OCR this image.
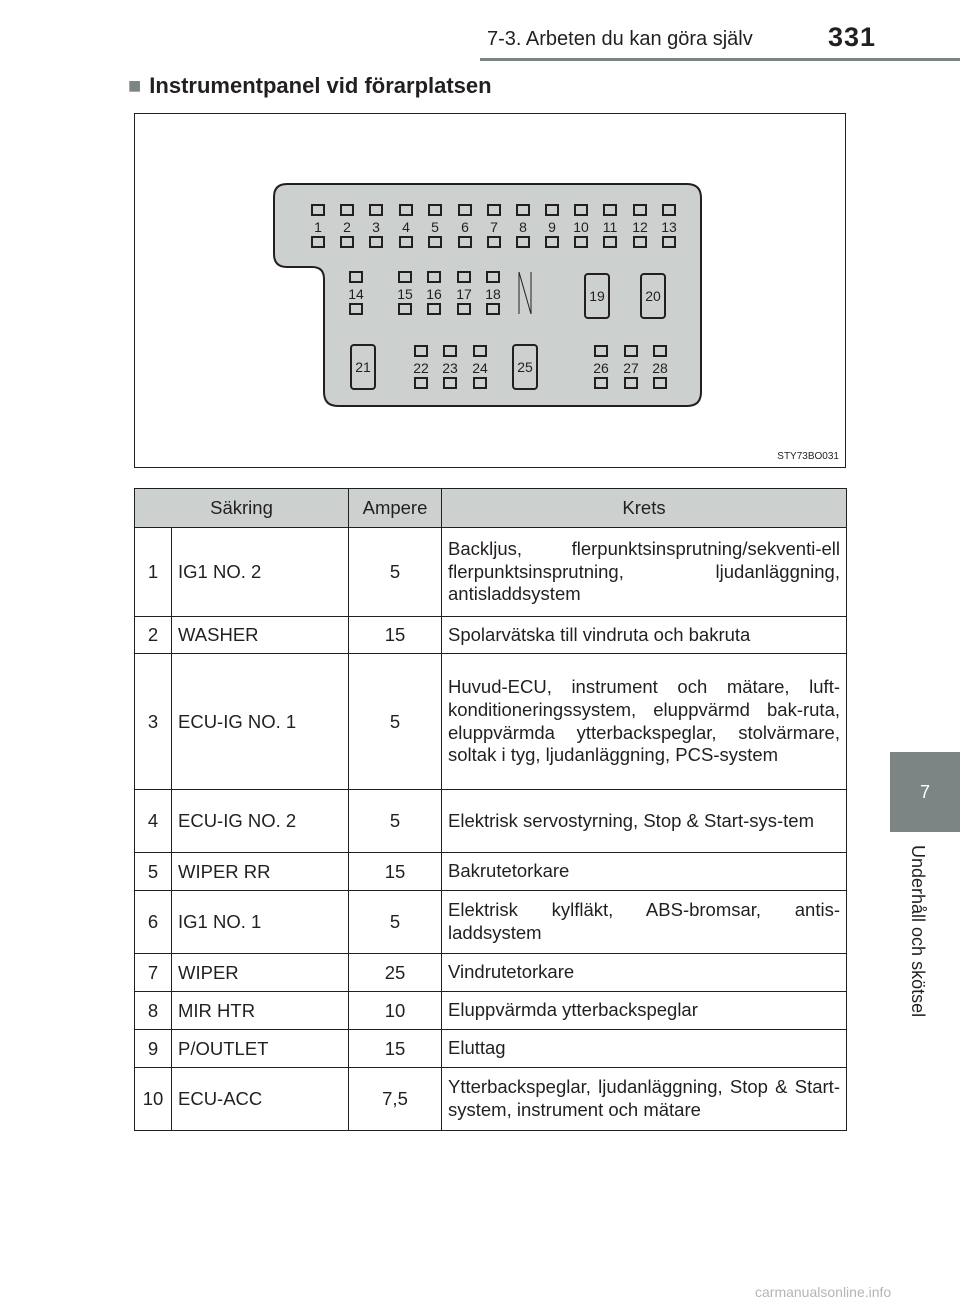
7-3. Arbeten du kan göra själv	331
■ Instrumentpanel vid förarplatsen
1 2 3 4 5 6 7 8 9 10 11 12 13
14 15 16 17 18	19	20
22 23 24	26 27 28
21	25
STY73BO031
Säkring		Ampere	Krets
1	IG1 NO. 2	5	Backljus, flerpunktsinsprutning/sekventi-ell flerpunktsinsprutning, ljudanläggning, antisladdsystem
2	WASHER	15	Spolarvätska till vindruta och bakruta
3	ECU-IG NO. 1	5	Huvud-ECU, instrument och mätare, luft-konditioneringssystem, eluppvärmd bak-ruta, eluppvärmda ytterbackspeglar, stolvärmare, soltak i tyg, ljudanläggning, PCS-system
4	ECU-IG NO. 2	5	Elektrisk servostyrning, Stop & Start-sys-tem
5	WIPER RR	15	Bakrutetorkare
6	IG1 NO. 1	5	Elektrisk kylfläkt, ABS-bromsar, antis-laddsystem
7	WIPER	25	Vindrutetorkare
8	MIR HTR	10	Eluppvärmda ytterbackspeglar
9	P/OUTLET	15	Eluttag
10	ECU-ACC	7,5	Ytterbackspeglar, ljudanläggning, Stop & Start-system, instrument och mätare
7
Underhåll och skötsel
carmanualsonline.info
